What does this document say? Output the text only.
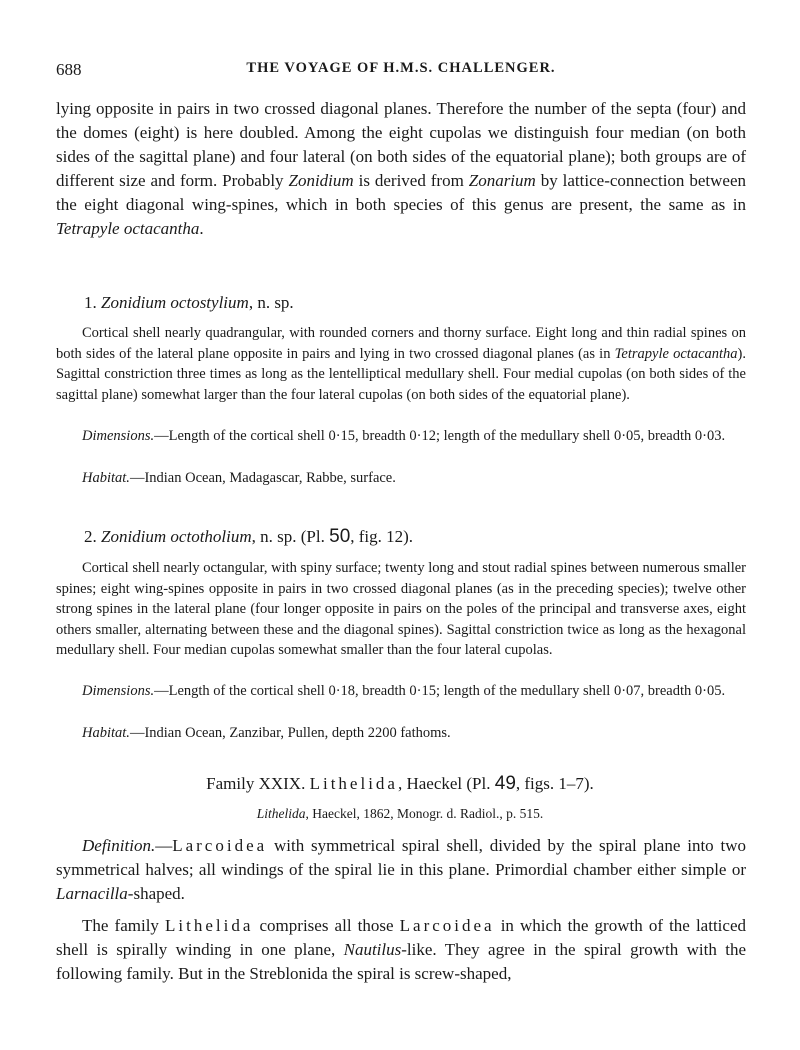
688	THE VOYAGE OF H.M.S. CHALLENGER.

lying opposite in pairs in two crossed diagonal planes. Therefore the number of the septa (four) and the domes (eight) is here doubled. Among the eight cupolas we distinguish four median (on both sides of the sagittal plane) and four lateral (on both sides of the equatorial plane); both groups are of different size and form. Probably Zonidium is derived from Zonarium by lattice-connection between the eight diagonal wing-spines, which in both species of this genus are present, the same as in Tetrapyle octacantha.

1. Zonidium octostylium, n. sp.

Cortical shell nearly quadrangular, with rounded corners and thorny surface. Eight long and thin radial spines on both sides of the lateral plane opposite in pairs and lying in two crossed diagonal planes (as in Tetrapyle octacantha). Sagittal constriction three times as long as the lentelliptical medullary shell. Four medial cupolas (on both sides of the sagittal plane) somewhat larger than the four lateral cupolas (on both sides of the equatorial plane).

Dimensions.—Length of the cortical shell 0·15, breadth 0·12; length of the medullary shell 0·05, breadth 0·03.

Habitat.—Indian Ocean, Madagascar, Rabbe, surface.

2. Zonidium octotholium, n. sp. (Pl. 50, fig. 12).

Cortical shell nearly octangular, with spiny surface; twenty long and stout radial spines between numerous smaller spines; eight wing-spines opposite in pairs in two crossed diagonal planes (as in the preceding species); twelve other strong spines in the lateral plane (four longer opposite in pairs on the poles of the principal and transverse axes, eight others smaller, alternating between these and the diagonal spines). Sagittal constriction twice as long as the hexagonal medullary shell. Four median cupolas somewhat smaller than the four lateral cupolas.

Dimensions.—Length of the cortical shell 0·18, breadth 0·15; length of the medullary shell 0·07, breadth 0·05.

Habitat.—Indian Ocean, Zanzibar, Pullen, depth 2200 fathoms.

Family XXIX. Lithelida, Haeckel (Pl. 49, figs. 1–7).

Lithelida, Haeckel, 1862, Monogr. d. Radiol., p. 515.

Definition.—Larcoidea with symmetrical spiral shell, divided by the spiral plane into two symmetrical halves; all windings of the spiral lie in this plane. Primordial chamber either simple or Larnacilla-shaped.

The family Lithelida comprises all those Larcoidea in which the growth of the latticed shell is spirally winding in one plane, Nautilus-like. They agree in the spiral growth with the following family. But in the Streblonida the spiral is screw-shaped,
